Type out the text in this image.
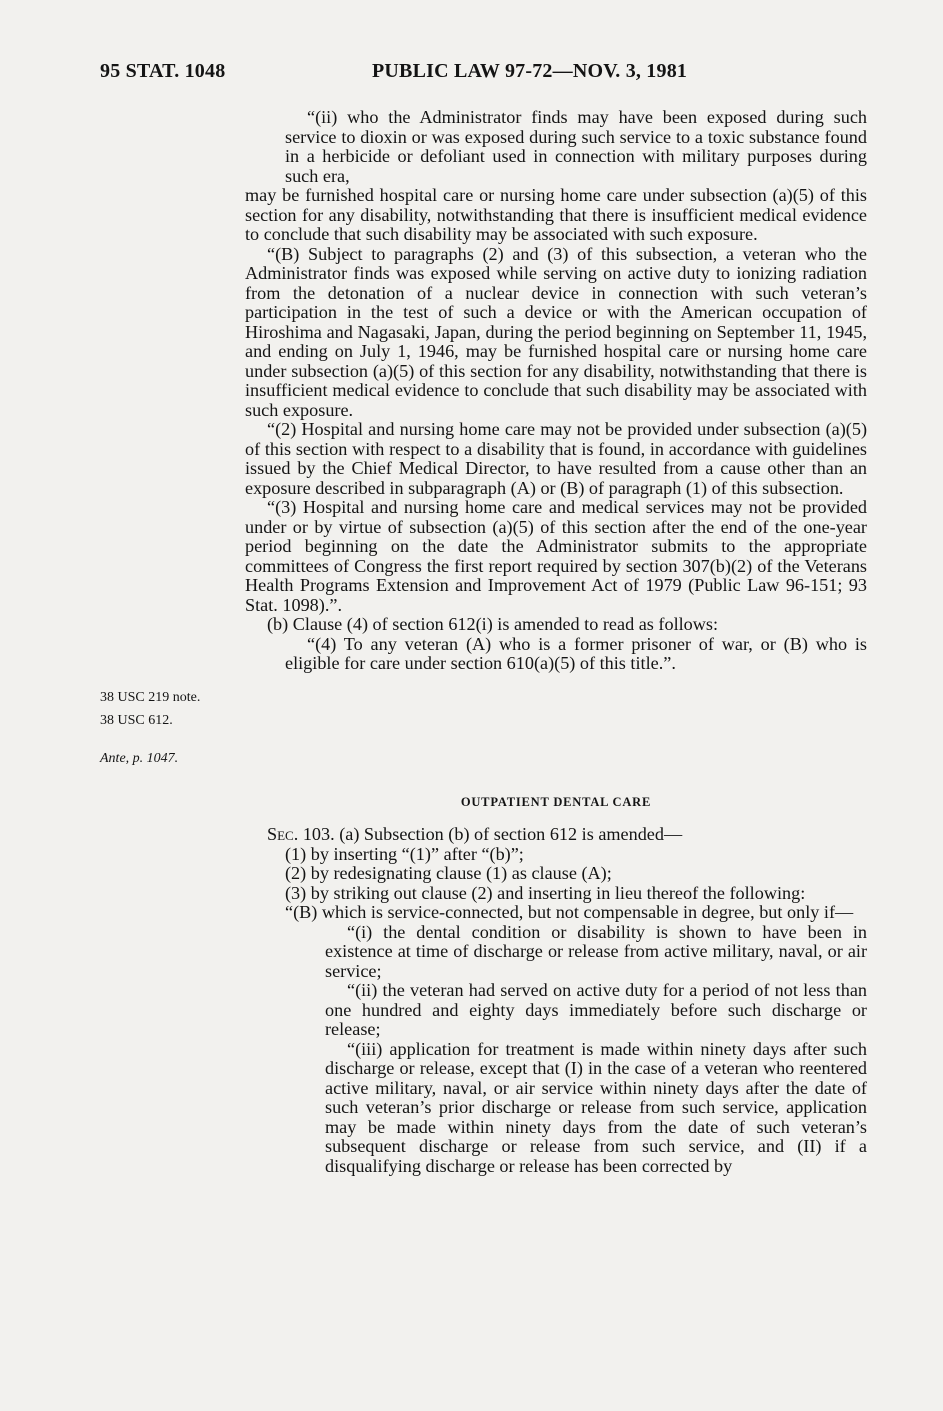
95 STAT. 1048	PUBLIC LAW 97-72—NOV. 3, 1981

“(ii) who the Administrator finds may have been exposed during such service to dioxin or was exposed during such service to a toxic substance found in a herbicide or defoliant used in connection with military purposes during such era,

may be furnished hospital care or nursing home care under subsection (a)(5) of this section for any disability, notwithstanding that there is insufficient medical evidence to conclude that such disability may be associated with such exposure.

“(B) Subject to paragraphs (2) and (3) of this subsection, a veteran who the Administrator finds was exposed while serving on active duty to ionizing radiation from the detonation of a nuclear device in connection with such veteran’s participation in the test of such a device or with the American occupation of Hiroshima and Nagasaki, Japan, during the period beginning on September 11, 1945, and ending on July 1, 1946, may be furnished hospital care or nursing home care under subsection (a)(5) of this section for any disability, notwithstanding that there is insufficient medical evidence to conclude that such disability may be associated with such exposure.

“(2) Hospital and nursing home care may not be provided under subsection (a)(5) of this section with respect to a disability that is found, in accordance with guidelines issued by the Chief Medical Director, to have resulted from a cause other than an exposure described in subparagraph (A) or (B) of paragraph (1) of this subsection.

“(3) Hospital and nursing home care and medical services may not be provided under or by virtue of subsection (a)(5) of this section after the end of the one-year period beginning on the date the Administrator submits to the appropriate committees of Congress the first report required by section 307(b)(2) of the Veterans Health Programs Extension and Improvement Act of 1979 (Public Law 96-151; 93 Stat. 1098).”.

(b) Clause (4) of section 612(i) is amended to read as follows:

“(4) To any veteran (A) who is a former prisoner of war, or (B) who is eligible for care under section 610(a)(5) of this title.”.

38 USC 219 note.
38 USC 612.
Ante, p. 1047.
OUTPATIENT DENTAL CARE

Sec. 103. (a) Subsection (b) of section 612 is amended—

(1) by inserting “(1)” after “(b)”;

(2) by redesignating clause (1) as clause (A);

(3) by striking out clause (2) and inserting in lieu thereof the following:

“(B) which is service-connected, but not compensable in degree, but only if—

“(i) the dental condition or disability is shown to have been in existence at time of discharge or release from active military, naval, or air service;

“(ii) the veteran had served on active duty for a period of not less than one hundred and eighty days immediately before such discharge or release;

“(iii) application for treatment is made within ninety days after such discharge or release, except that (I) in the case of a veteran who reentered active military, naval, or air service within ninety days after the date of such veteran’s prior discharge or release from such service, application may be made within ninety days from the date of such veteran’s subsequent discharge or release from such service, and (II) if a disqualifying discharge or release has been corrected by
